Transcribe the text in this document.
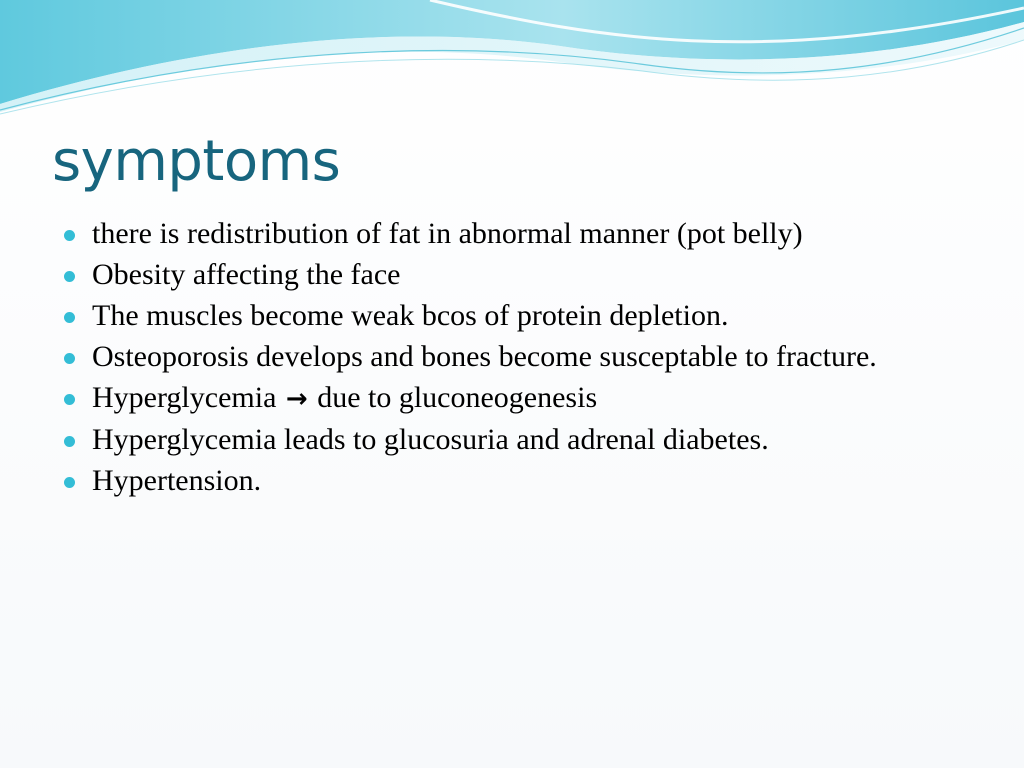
symptoms
there is redistribution of fat in abnormal manner (pot belly)
Obesity affecting the face
The muscles become weak bcos of protein depletion.
Osteoporosis develops and bones become susceptable to fracture.
Hyperglycemia → due to gluconeogenesis
Hyperglycemia leads to glucosuria and adrenal diabetes.
Hypertension.
